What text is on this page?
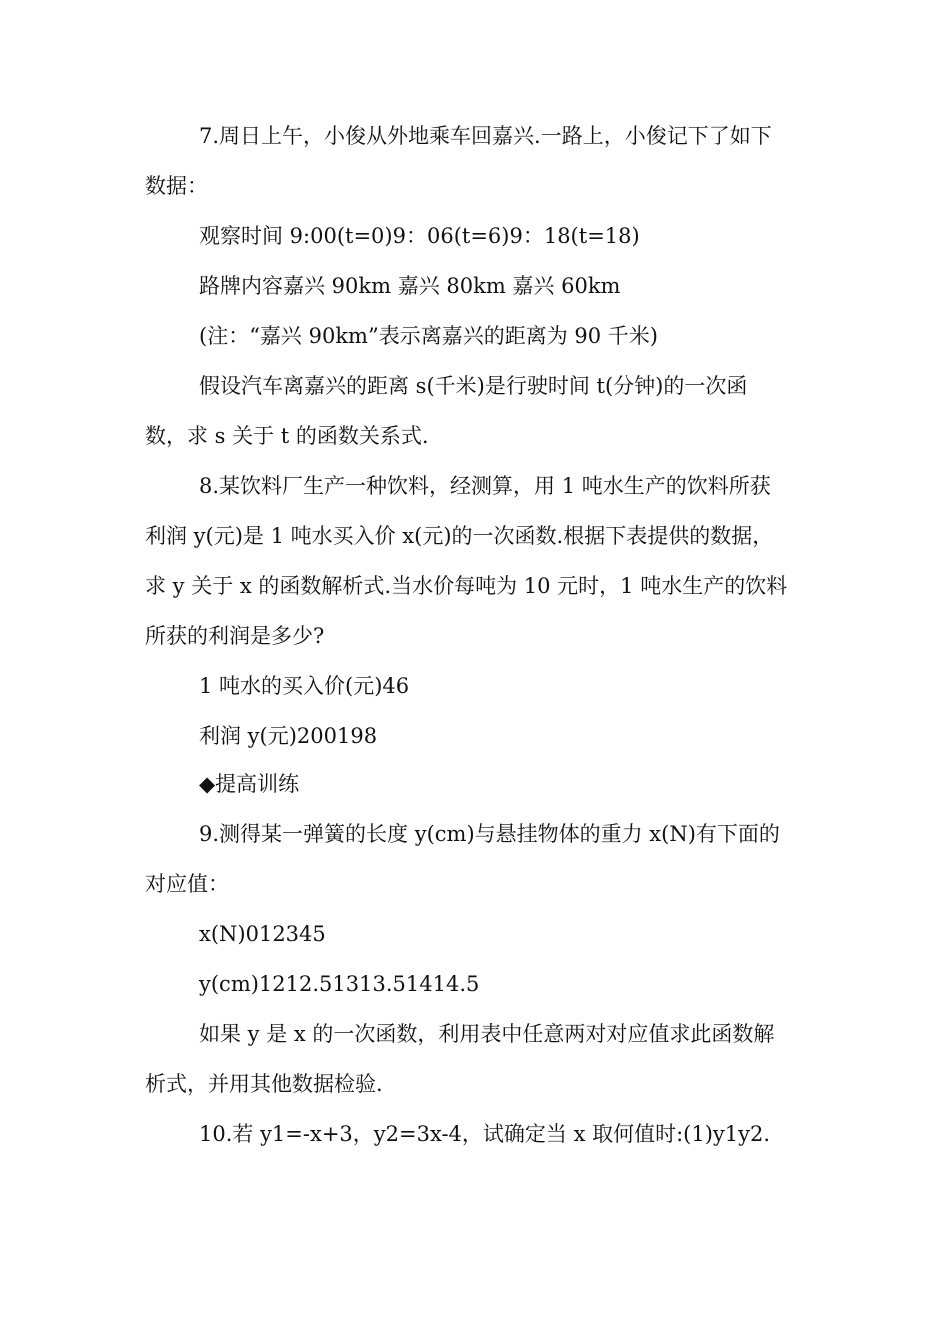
7.周日上午，小俊从外地乘车回嘉兴.一路上，小俊记下了如下
数据：
观察时间 9:00(t=0)9：06(t=6)9：18(t=18)
路牌内容嘉兴 90km 嘉兴 80km 嘉兴 60km
(注：“嘉兴 90km”表示离嘉兴的距离为 90 千米)
假设汽车离嘉兴的距离 s(千米)是行驶时间 t(分钟)的一次函
数，求 s 关于 t 的函数关系式.
8.某饮料厂生产一种饮料，经测算，用 1 吨水生产的饮料所获
利润 y(元)是 1 吨水买入价 x(元)的一次函数.根据下表提供的数据，
求 y 关于 x 的函数解析式.当水价每吨为 10 元时，1 吨水生产的饮料
所获的利润是多少?
1 吨水的买入价(元)46
利润 y(元)200198
◆提高训练
9.测得某一弹簧的长度 y(cm)与悬挂物体的重力 x(N)有下面的
对应值：
x(N)012345
y(cm)1212.51313.51414.5
如果 y 是 x 的一次函数，利用表中任意两对对应值求此函数解
析式，并用其他数据检验.
10.若 y1=-x+3，y2=3x-4，试确定当 x 取何值时:(1)y1y2.
